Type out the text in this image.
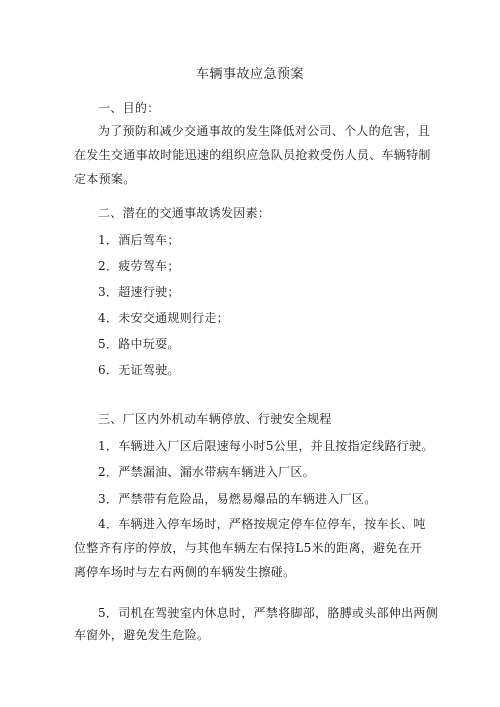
车辆事故应急预案
一、目的：
为了预防和减少交通事故的发生降低对公司、个人的危害，且在发生交通事故时能迅速的组织应急队员抢救受伤人员、车辆特制定本预案。
二、潜在的交通事故诱发因素：
1．酒后驾车；
2．疲劳驾车；
3．超速行驶；
4．未安交通规则行走；
5．路中玩耍。
6．无证驾驶。
三、厂区内外机动车辆停放、行驶安全规程
1．车辆进入厂区后限速每小时5公里，并且按指定线路行驶。
2．严禁漏油、漏水带病车辆进入厂区。
3．严禁带有危险品，易燃易爆品的车辆进入厂区。
4．车辆进入停车场时，严格按规定停车位停车，按车长、吨位整齐有序的停放，与其他车辆左右保持L5米的距离，避免在开离停车场时与左右两侧的车辆发生擦碰。
5．司机在驾驶室内休息时，严禁将脚部，胳膊或头部伸出两侧
车窗外，避免发生危险。
